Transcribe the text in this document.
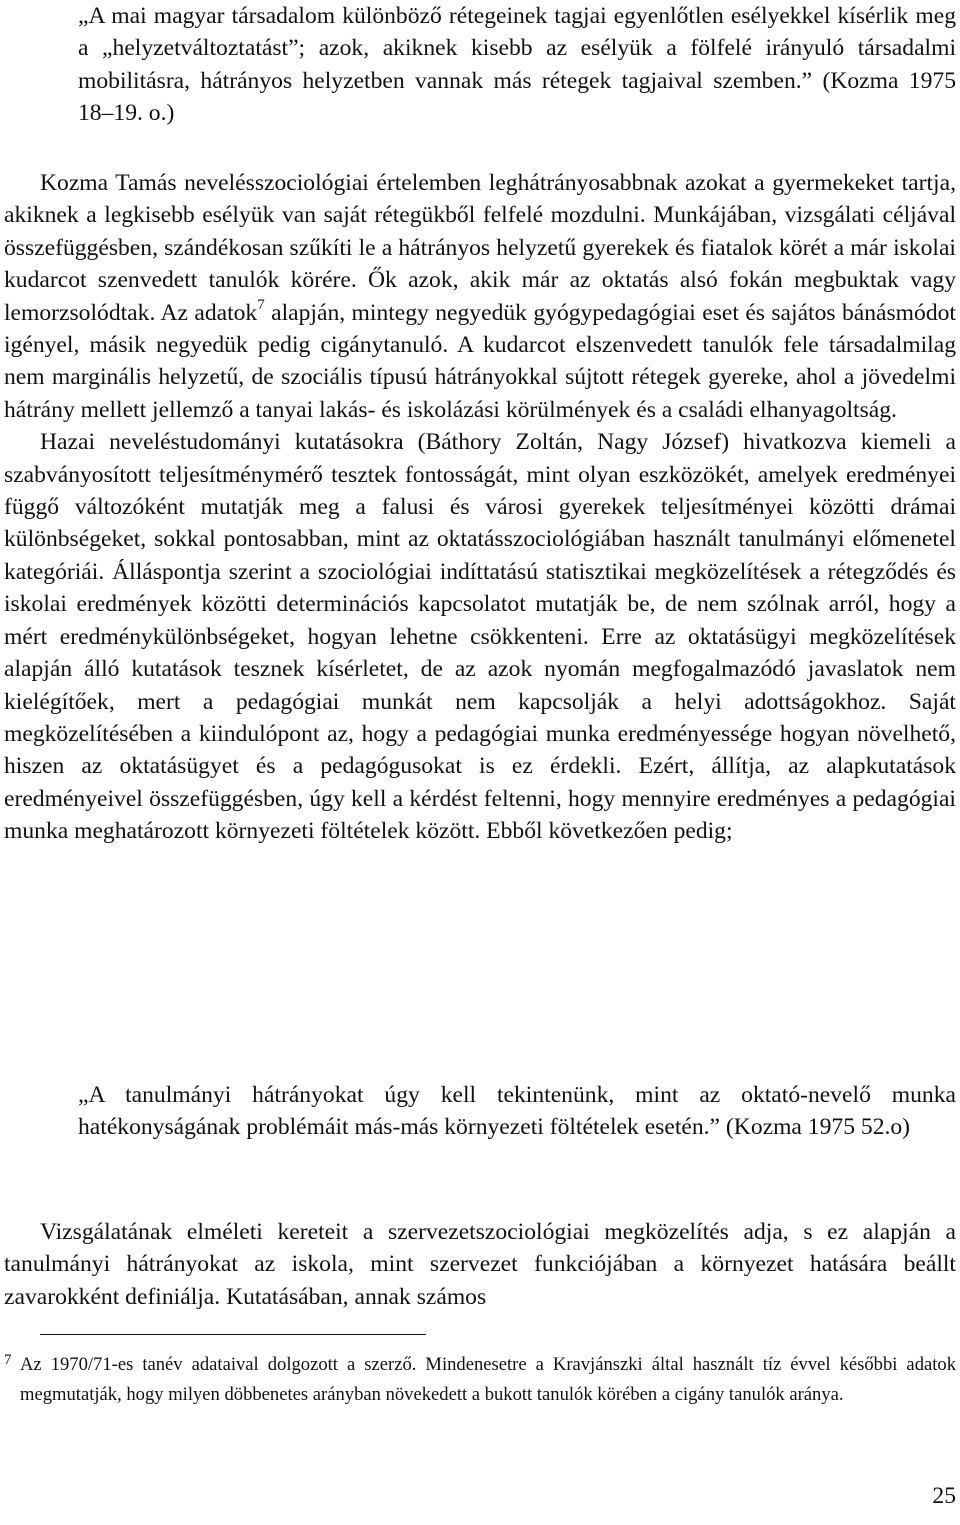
„A mai magyar társadalom különböző rétegeinek tagjai egyenlőtlen esélyekkel kísérlik meg a „helyzetváltoztatást”; azok, akiknek kisebb az esélyük a fölfelé irányuló társadalmi mobilitásra, hátrányos helyzetben vannak más rétegek tagjaival szemben.” (Kozma 1975 18–19. o.)

Kozma Tamás nevelésszociológiai értelemben leghátrányosabbnak azokat a gyermekeket tartja, akiknek a legkisebb esélyük van saját rétegükből felfelé mozdulni. Munkájában, vizsgálati céljával összefüggésben, szándékosan szűkíti le a hátrányos helyzetű gyerekek és fiatalok körét a már iskolai kudarcot szenvedett tanulók körére. Ők azok, akik már az oktatás alsó fokán megbuktak vagy lemorzsolódtak. Az adatok$^7$ alapján, mintegy negyedük gyógypedagógiai eset és sajátos bánásmódot igényel, másik negyedük pedig cigánytanuló. A kudarcot elszenvedett tanulók fele társadalmilag nem marginális helyzetű, de szociális típusú hátrányokkal sújtott rétegek gyereke, ahol a jövedelmi hátrány mellett jellemző a tanyai lakás- és iskolázási körülmények és a családi elhanyagoltság.

Hazai neveléstudományi kutatásokra (Báthory Zoltán, Nagy József) hivatkozva kiemeli a szabványosított teljesítménymérő tesztek fontosságát, mint olyan eszközökét, amelyek eredményei függő változóként mutatják meg a falusi és városi gyerekek teljesítményei közötti drámai különbségeket, sokkal pontosabban, mint az oktatásszociológiában használt tanulmányi előmenetel kategóriái. Álláspontja szerint a szociológiai indíttatású statisztikai megközelítések a rétegződés és iskolai eredmények közötti determinációs kapcsolatot mutatják be, de nem szólnak arról, hogy a mért eredménykülönbségeket, hogyan lehetne csökkenteni. Erre az oktatásügyi megközelítések alapján álló kutatások tesznek kísérletet, de az azok nyomán megfogalmazódó javaslatok nem kielégítőek, mert a pedagógiai munkát nem kapcsolják a helyi adottságokhoz. Saját megközelítésében a kiindulópont az, hogy a pedagógiai munka eredményessége hogyan növelhető, hiszen az oktatásügyet és a pedagógusokat is ez érdekli. Ezért, állítja, az alapkutatások eredményeivel összefüggésben, úgy kell a kérdést feltenni, hogy mennyire eredményes a pedagógiai munka meghatározott környezeti föltételek között. Ebből következően pedig;

„A tanulmányi hátrányokat úgy kell tekintenünk, mint az oktató-nevelő munka hatékonyságának problémáit más-más környezeti föltételek esetén.” (Kozma 1975 52.o)

Vizsgálatának elméleti kereteit a szervezetszociológiai megközelítés adja, s ez alapján a tanulmányi hátrányokat az iskola, mint szervezet funkciójában a környezet hatására beállt zavarokként definiálja. Kutatásában, annak számos

7 Az 1970/71-es tanév adataival dolgozott a szerző. Mindenesetre a Kravjánszki által használt tíz évvel későbbi adatok megmutatják, hogy milyen döbbenetes arányban növekedett a bukott tanulók körében a cigány tanulók aránya.
25
